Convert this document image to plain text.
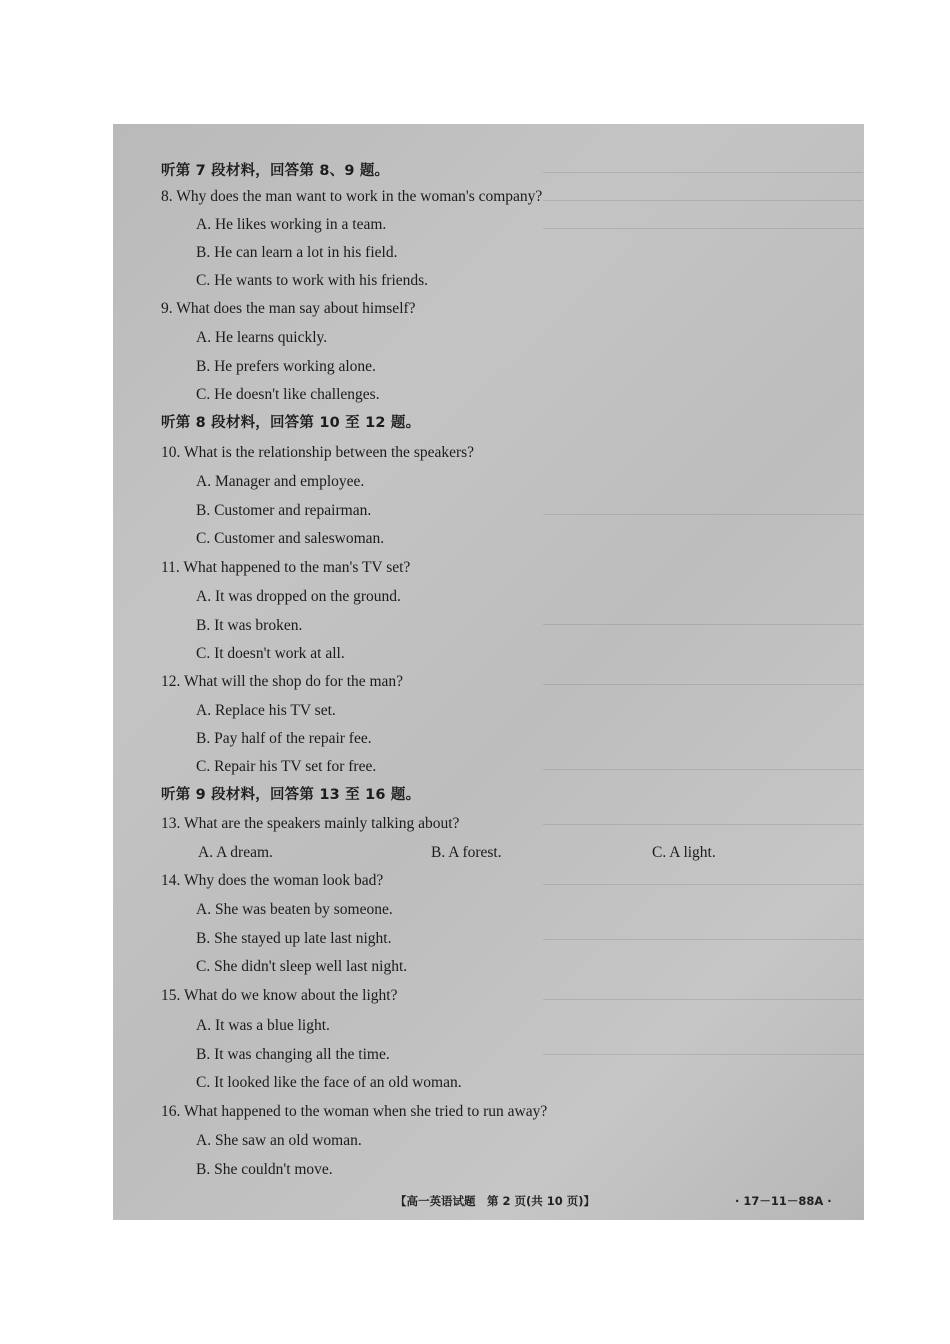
听第 7 段材料，回答第 8、9 题。
8. Why does the man want to work in the woman's company?
A. He likes working in a team.
B. He can learn a lot in his field.
C. He wants to work with his friends.
9. What does the man say about himself?
A. He learns quickly.
B. He prefers working alone.
C. He doesn't like challenges.
听第 8 段材料，回答第 10 至 12 题。
10. What is the relationship between the speakers?
A. Manager and employee.
B. Customer and repairman.
C. Customer and saleswoman.
11. What happened to the man's TV set?
A. It was dropped on the ground.
B. It was broken.
C. It doesn't work at all.
12. What will the shop do for the man?
A. Replace his TV set.
B. Pay half of the repair fee.
C. Repair his TV set for free.
听第 9 段材料，回答第 13 至 16 题。
13. What are the speakers mainly talking about?
A. A dream.	B. A forest.	C. A light.
14. Why does the woman look bad?
A. She was beaten by someone.
B. She stayed up late last night.
C. She didn't sleep well last night.
15. What do we know about the light?
A. It was a blue light.
B. It was changing all the time.
C. It looked like the face of an old woman.
16. What happened to the woman when she tried to run away?
A. She saw an old woman.
B. She couldn't move.
【高一英语试题　第 2 页(共 10 页)】	· 17－11－88A ·
